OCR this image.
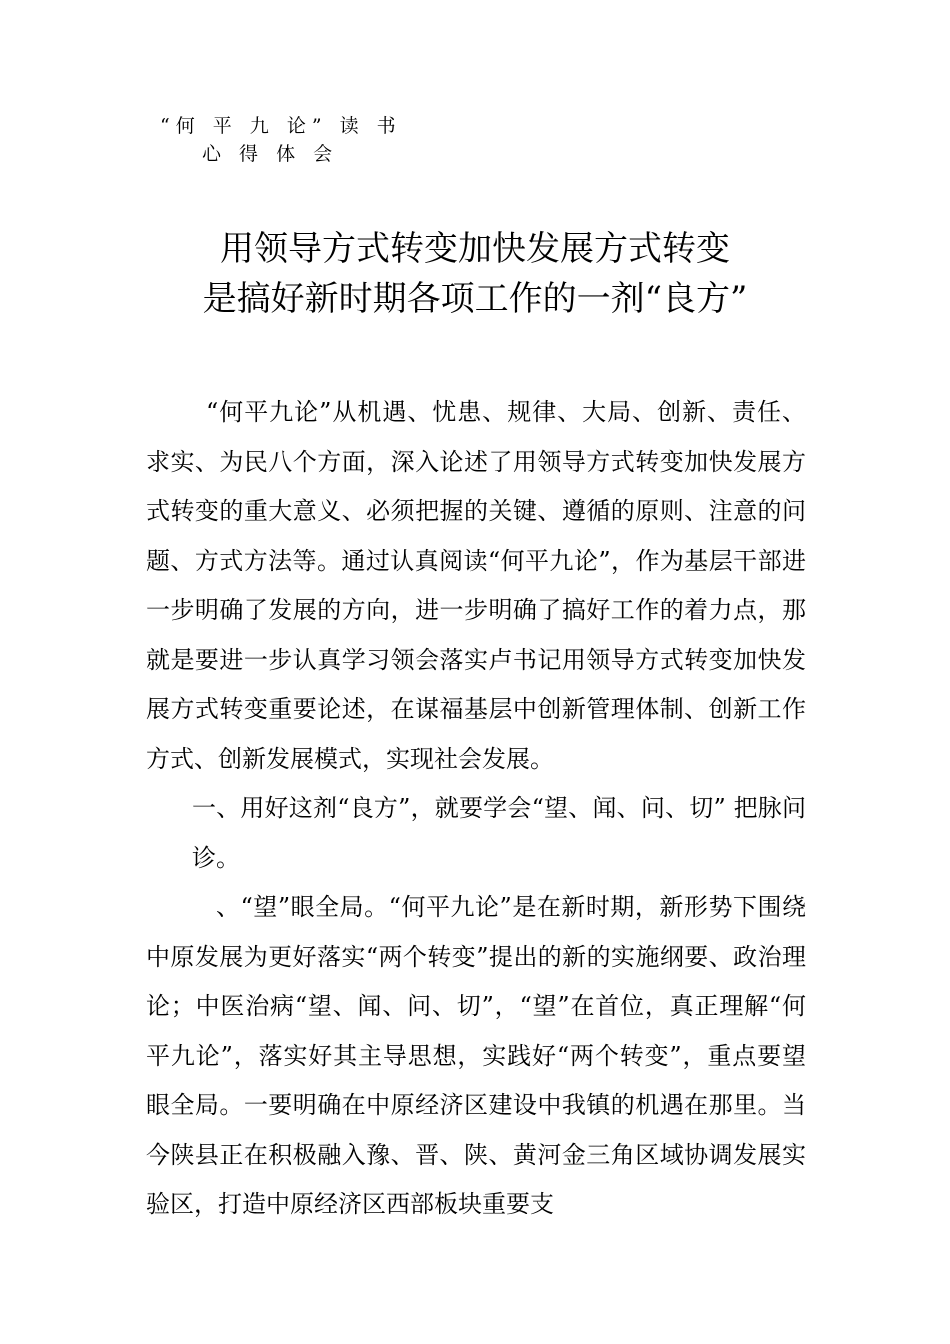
“何 平 九 论” 读 书
心 得 体 会
用领导方式转变加快发展方式转变
是搞好新时期各项工作的一剂“良方”

“何平九论”从机遇、忧患、规律、大局、创新、责任、求实、为民八个方面，深入论述了用领导方式转变加快发展方式转变的重大意义、必须把握的关键、遵循的原则、注意的问题、方式方法等。通过认真阅读“何平九论”，作为基层干部进一步明确了发展的方向，进一步明确了搞好工作的着力点，那就是要进一步认真学习领会落实卢书记用领导方式转变加快发展方式转变重要论述，在谋福基层中创新管理体制、创新工作方式、创新发展模式，实现社会发展。

一、用好这剂“良方”，就要学会“望、闻、问、切” 把脉问诊。

、“望”眼全局。“何平九论”是在新时期，新形势下围绕中原发展为更好落实“两个转变”提出的新的实施纲要、政治理论；中医治病“望、闻、问、切”，“望”在首位，真正理解“何平九论”，落实好其主导思想，实践好“两个转变”，重点要望眼全局。一要明确在中原经济区建设中我镇的机遇在那里。当今陕县正在积极融入豫、晋、陕、黄河金三角区域协调发展实验区，打造中原经济区西部板块重要支
